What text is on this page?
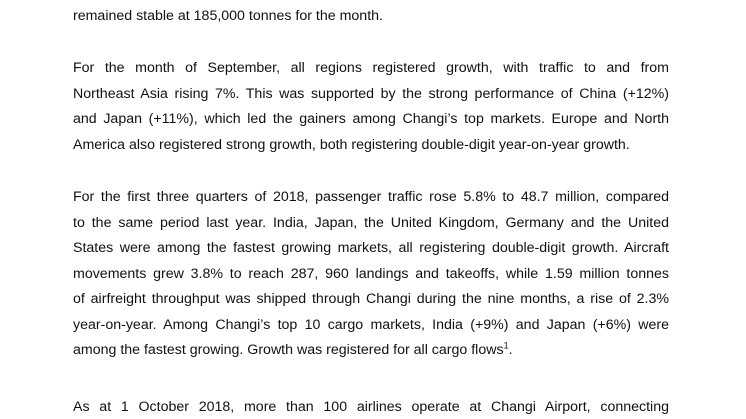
remained stable at 185,000 tonnes for the month.

For the month of September, all regions registered growth, with traffic to and from
Northeast Asia rising 7%. This was supported by the strong performance of China (+12%)
and Japan (+11%), which led the gainers among Changi’s top markets. Europe and North
America also registered strong growth, both registering double-digit year-on-year growth.

For the first three quarters of 2018, passenger traffic rose 5.8% to 48.7 million, compared
to the same period last year. India, Japan, the United Kingdom, Germany and the United
States were among the fastest growing markets, all registering double-digit growth. Aircraft
movements grew 3.8% to reach 287, 960 landings and takeoffs, while 1.59 million tonnes
of airfreight throughput was shipped through Changi during the nine months, a rise of 2.3%
year-on-year. Among Changi’s top 10 cargo markets, India (+9%) and Japan (+6%) were
among the fastest growing. Growth was registered for all cargo flows$^1$.

As at 1 October 2018, more than 100 airlines operate at Changi Airport, connecting
